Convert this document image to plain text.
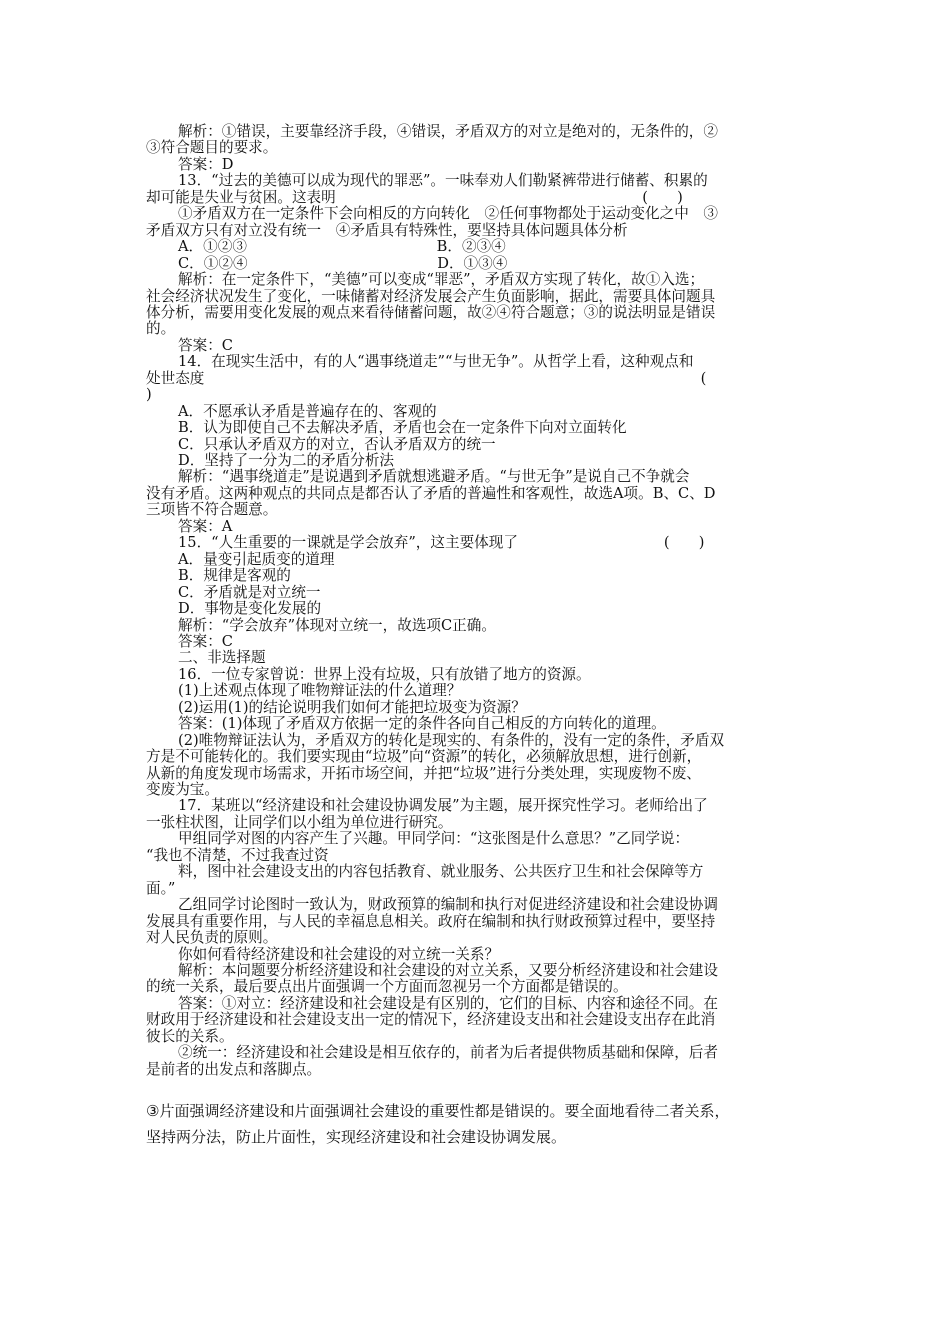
解析：①错误，主要靠经济手段，④错误，矛盾双方的对立是绝对的，无条件的，②
③符合题目的要求。
答案：D
13．“过去的美德可以成为现代的罪恶”。一味奉劝人们勒紧裤带进行储蓄、积累的
却可能是失业与贫困。这表明　　　　　　　　　　　　　　　　　　　　　(　　)
①矛盾双方在一定条件下会向相反的方向转化　②任何事物都处于运动变化之中　③
矛盾双方只有对立没有统一　④矛盾具有特殊性，要坚持具体问题具体分析
A．①②③　　　　　　　　　　　　　B．②③④
C．①②④　　　　　　　　　　　　　D．①③④
解析：在一定条件下，“美德”可以变成“罪恶”，矛盾双方实现了转化，故①入选；
社会经济状况发生了变化，一味储蓄对经济发展会产生负面影响，据此，需要具体问题具
体分析，需要用变化发展的观点来看待储蓄问题，故②④符合题意；③的说法明显是错误
的。
答案：C
14．在现实生活中，有的人“遇事绕道走”“与世无争”。从哲学上看，这种观点和
处世态度　　　　　　　　　　　　　　　　　　　　　　　　　　　　　　　　　　(
)
A．不愿承认矛盾是普遍存在的、客观的
B．认为即使自己不去解决矛盾，矛盾也会在一定条件下向对立面转化
C．只承认矛盾双方的对立，否认矛盾双方的统一
D．坚持了一分为二的矛盾分析法
解析：“遇事绕道走”是说遇到矛盾就想逃避矛盾。“与世无争”是说自己不争就会
没有矛盾。这两种观点的共同点是都否认了矛盾的普遍性和客观性，故选A项。B、C、D
三项皆不符合题意。
答案：A
15．“人生重要的一课就是学会放弃”，这主要体现了　　　　　　　　　　(　　)
A．量变引起质变的道理
B．规律是客观的
C．矛盾就是对立统一
D．事物是变化发展的
解析：“学会放弃”体现对立统一，故选项C正确。
答案：C
二、非选择题
16．一位专家曾说：世界上没有垃圾，只有放错了地方的资源。
(1)上述观点体现了唯物辩证法的什么道理？
(2)运用(1)的结论说明我们如何才能把垃圾变为资源？
答案：(1)体现了矛盾双方依据一定的条件各向自己相反的方向转化的道理。
(2)唯物辩证法认为，矛盾双方的转化是现实的、有条件的，没有一定的条件，矛盾双
方是不可能转化的。我们要实现由“垃圾”向“资源”的转化，必须解放思想，进行创新，
从新的角度发现市场需求，开拓市场空间，并把“垃圾”进行分类处理，实现废物不废、
变废为宝。
17．某班以“经济建设和社会建设协调发展”为主题，展开探究性学习。老师给出了
一张柱状图，让同学们以小组为单位进行研究。
甲组同学对图的内容产生了兴趣。甲同学问：“这张图是什么意思？”乙同学说：
“我也不清楚，不过我查过资
料，图中社会建设支出的内容包括教育、就业服务、公共医疗卫生和社会保障等方
面。”
乙组同学讨论图时一致认为，财政预算的编制和执行对促进经济建设和社会建设协调
发展具有重要作用，与人民的幸福息息相关。政府在编制和执行财政预算过程中，要坚持
对人民负责的原则。
你如何看待经济建设和社会建设的对立统一关系？
解析：本问题要分析经济建设和社会建设的对立关系，又要分析经济建设和社会建设
的统一关系，最后要点出片面强调一个方面而忽视另一个方面都是错误的。
答案：①对立：经济建设和社会建设是有区别的，它们的目标、内容和途径不同。在
财政用于经济建设和社会建设支出一定的情况下，经济建设支出和社会建设支出存在此消
彼长的关系。
②统一：经济建设和社会建设是相互依存的，前者为后者提供物质基础和保障，后者
是前者的出发点和落脚点。
③片面强调经济建设和片面强调社会建设的重要性都是错误的。要全面地看待二者关系，
坚持两分法，防止片面性，实现经济建设和社会建设协调发展。
